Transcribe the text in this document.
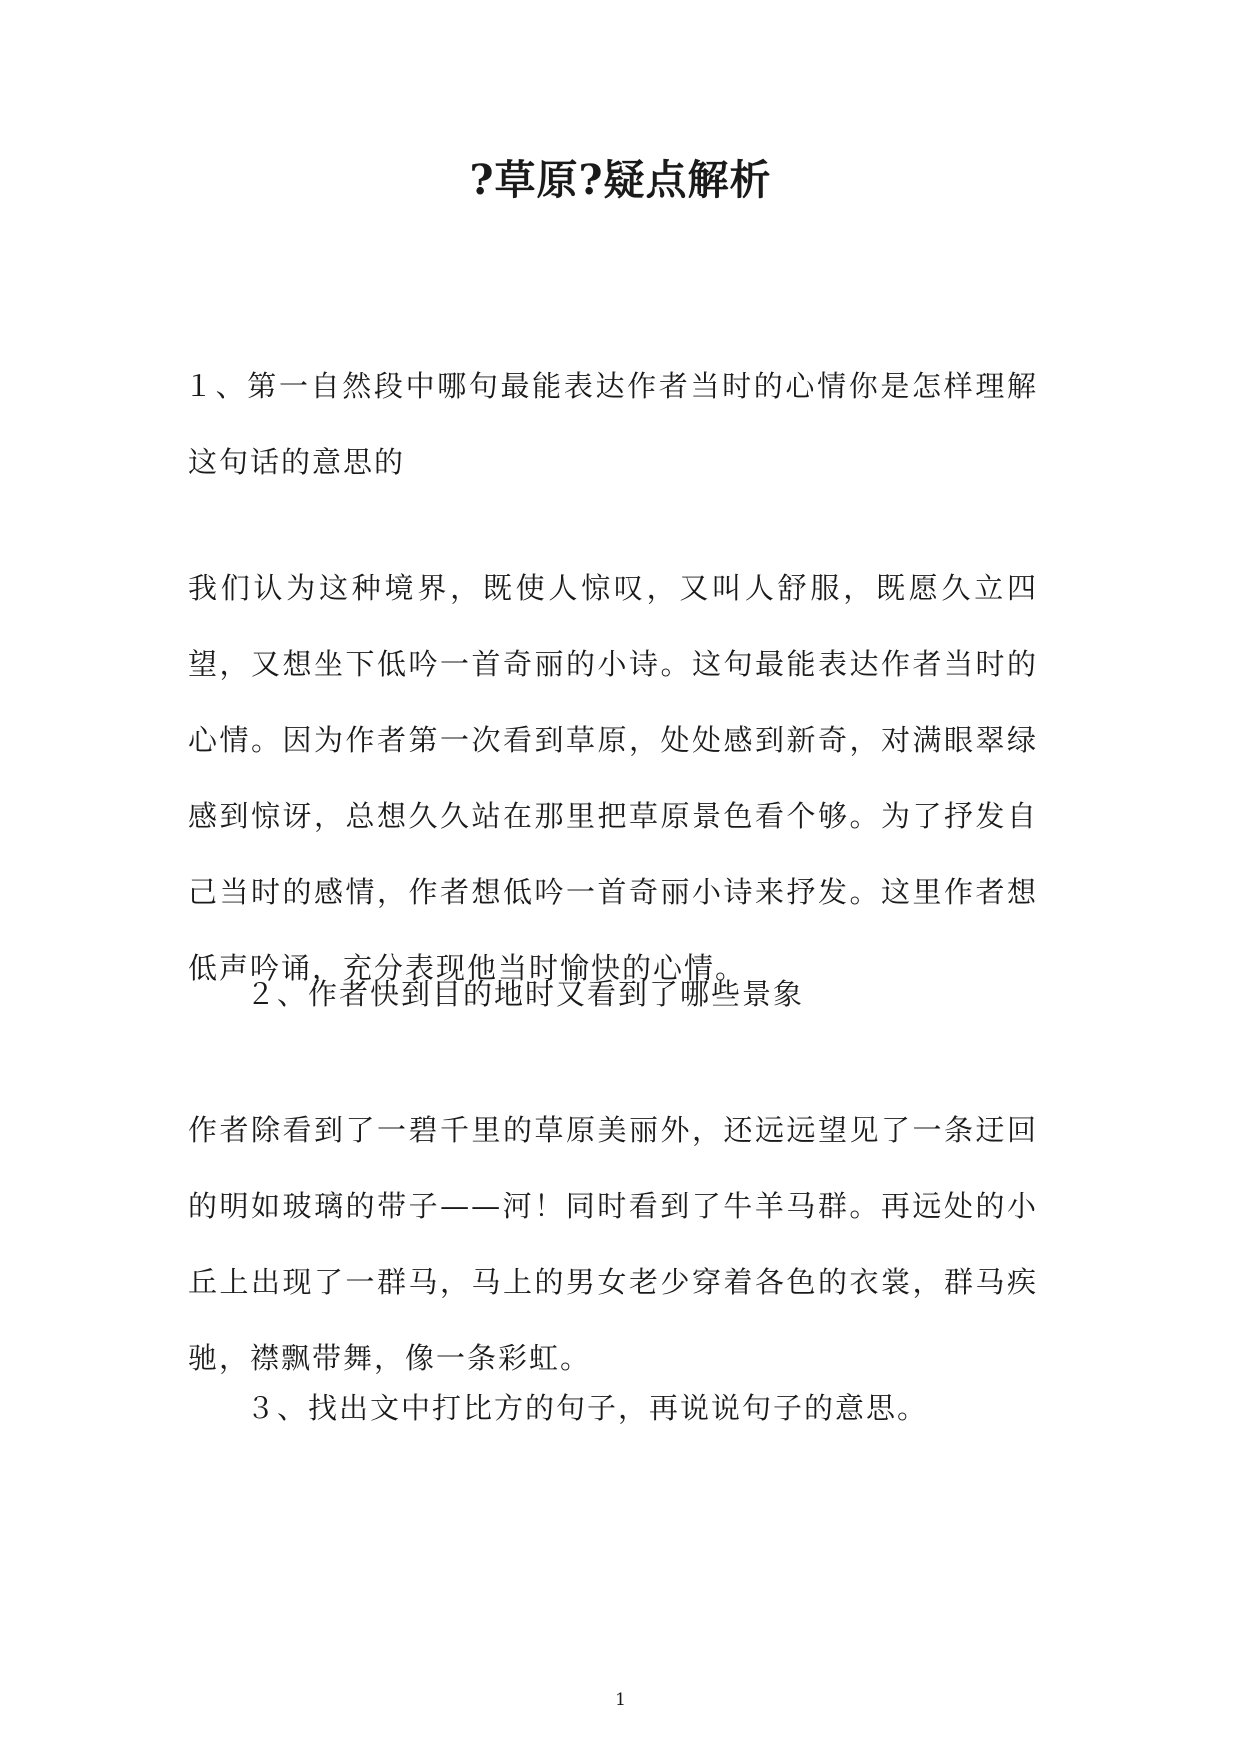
?草原?疑点解析

１、第一自然段中哪句最能表达作者当时的心情你是怎样理解这句话的意思的

我们认为这种境界，既使人惊叹，又叫人舒服，既愿久立四望，又想坐下低吟一首奇丽的小诗。这句最能表达作者当时的心情。因为作者第一次看到草原，处处感到新奇，对满眼翠绿感到惊讶，总想久久站在那里把草原景色看个够。为了抒发自己当时的感情，作者想低吟一首奇丽小诗来抒发。这里作者想低声吟诵，充分表现他当时愉快的心情。

２、作者快到目的地时又看到了哪些景象

作者除看到了一碧千里的草原美丽外，还远远望见了一条迂回的明如玻璃的带子——河！同时看到了牛羊马群。再远处的小丘上出现了一群马，马上的男女老少穿着各色的衣裳，群马疾驰，襟飘带舞，像一条彩虹。

３、找出文中打比方的句子，再说说句子的意思。

1
